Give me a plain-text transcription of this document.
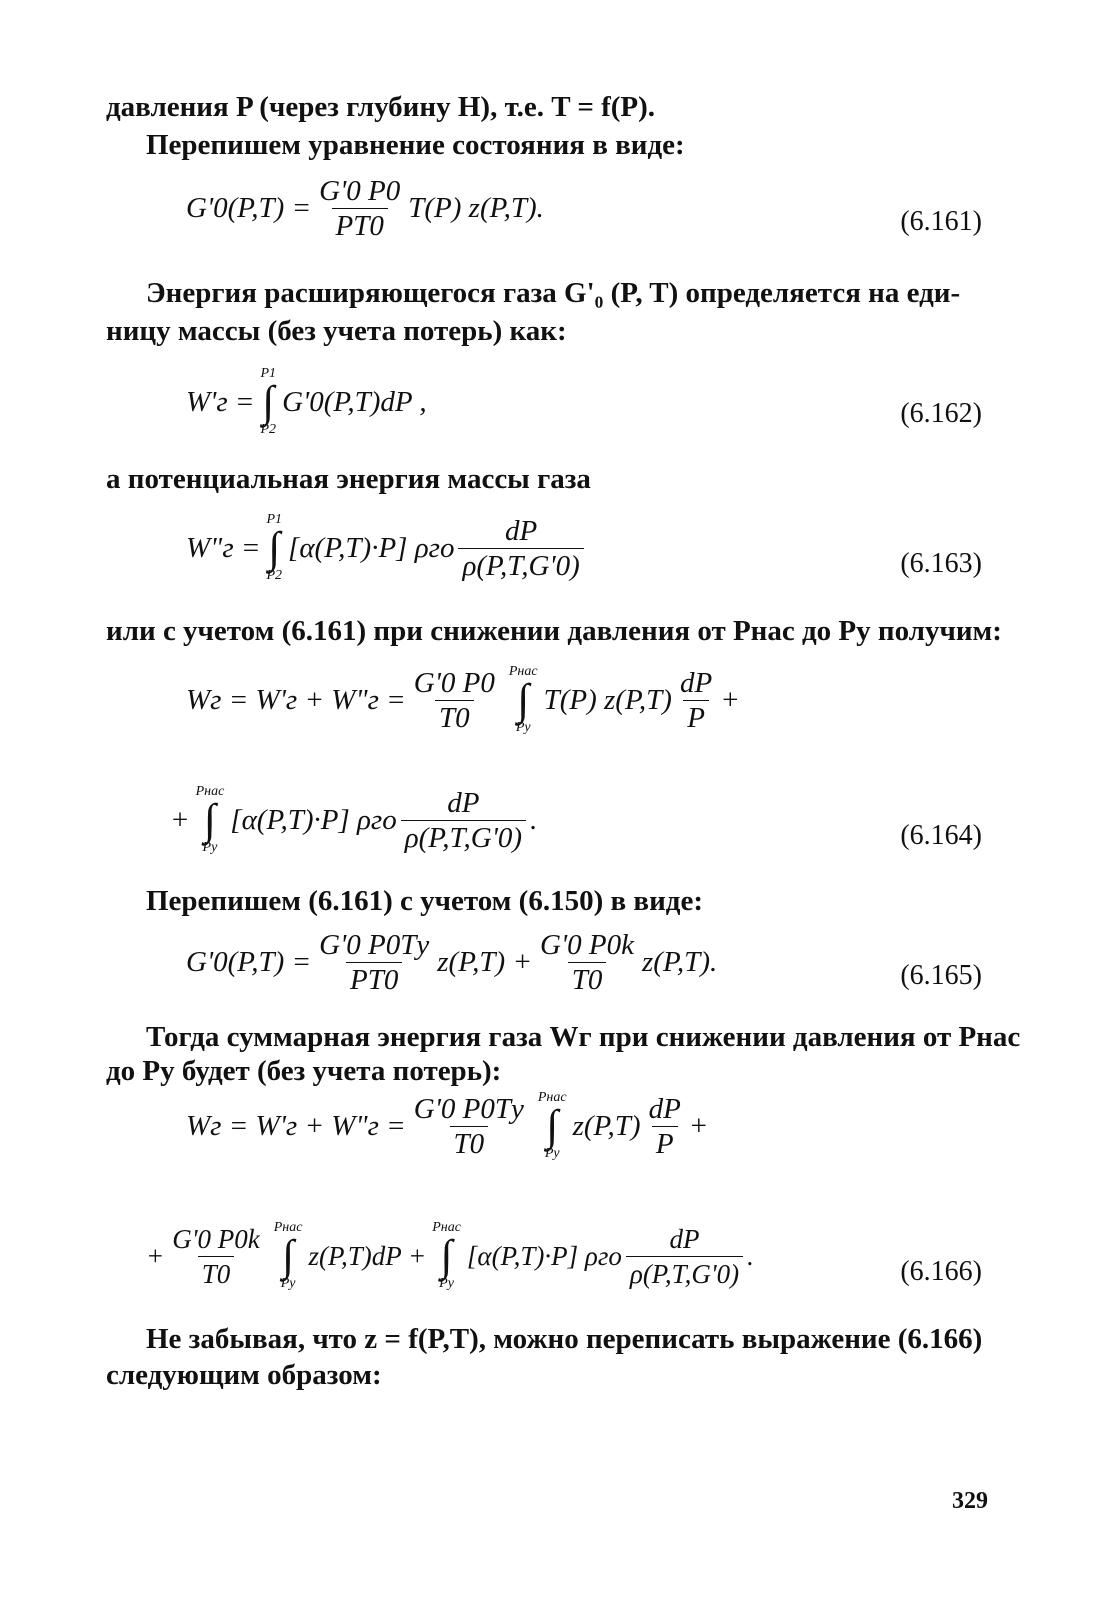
давления P (через глубину H), т.е. T = f(P).

Перепишем уравнение состояния в виде:

$G'0(P,T) = \frac{G'0 P0}{PT0} T(P)$ z(P,T).	(6.161)

Энергия расширяющегося газа G'₀ (P, T) определяется на еди-

ницу массы (без учета потерь) как:

W'г =
P1
∫
P2
G'0(P,T)dP ,	(6.162)

а потенциальная энергия массы газа

W"г =
P1
∫
P2
[α(P,T)·P] ρго $\frac{dP}{\rho(P,T,G'0)}$	(6.163)

или с учетом (6.161) при снижении давления от Pнас до Pу получим:

Wг = W'г + W"г = $\frac{G'0 P0}{T0}$ Pнас
∫
Pу
T(P) $z(P,T) \frac{dP}{P}$ +
+
Pнас
∫
Pу
[α(P,T)·P] ρго $\frac{dP}{\rho(P,T,G'0)}$ .	(6.164)

Перепишем (6.161) с учетом (6.150) в виде:

$G'0(P,T) = \frac{G'0 P0Tу}{PT0} z(P,T) + \frac{G'0 P0k}{T0} z(P,T)$.	(6.165)

Тогда суммарная энергия газа Wг при снижении давления от Pнас

до Pу будет (без учета потерь):

Wг = W'г + W"г = $\frac{G'0 P0Tу}{T0}$ Pнас
∫
Pу
$z(P,T) \frac{dP}{P}$ +
+ $\frac{G'0 P0k}{T0}$ Pнас
∫
Pу
z(P,T)dP +
Pнас
∫
Pу
[α(P,T)·P] ρго $\frac{dP}{\rho(P,T,G'0)}$ .
(6.166)

Не забывая, что z = f(P,T), можно переписать выражение (6.166)

следующим образом:

329
